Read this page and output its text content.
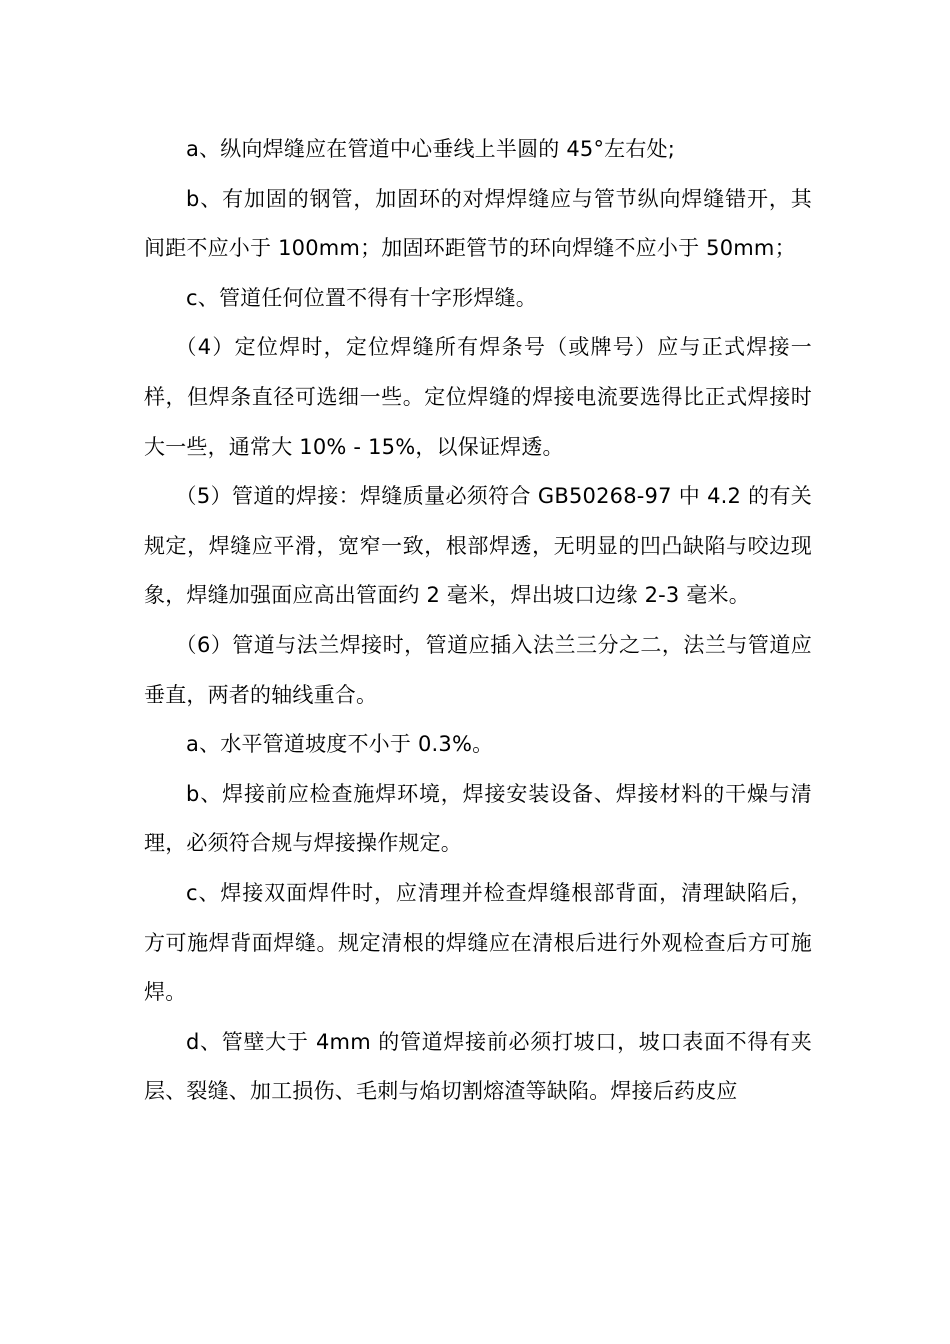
a、纵向焊缝应在管道中心垂线上半圆的 45°左右处;

b、有加固的钢管，加固环的对焊焊缝应与管节纵向焊缝错开，其间距不应小于 100mm；加固环距管节的环向焊缝不应小于 50mm；

c、管道任何位置不得有十字形焊缝。

（4）定位焊时，定位焊缝所有焊条号（或牌号）应与正式焊接一样，但焊条直径可选细一些。定位焊缝的焊接电流要选得比正式焊接时大一些，通常大 10% - 15%，以保证焊透。

（5）管道的焊接：焊缝质量必须符合 GB50268-97 中 4.2 的有关规定，焊缝应平滑，宽窄一致，根部焊透，无明显的凹凸缺陷与咬边现象，焊缝加强面应高出管面约 2 毫米，焊出坡口边缘 2-3 毫米。

（6）管道与法兰焊接时，管道应插入法兰三分之二，法兰与管道应垂直，两者的轴线重合。

a、水平管道坡度不小于 0.3%。

b、焊接前应检查施焊环境，焊接安装设备、焊接材料的干燥与清理，必须符合规与焊接操作规定。

c、焊接双面焊件时，应清理并检查焊缝根部背面，清理缺陷后，方可施焊背面焊缝。规定清根的焊缝应在清根后进行外观检查后方可施焊。

d、管壁大于 4mm 的管道焊接前必须打坡口，坡口表面不得有夹层、裂缝、加工损伤、毛刺与焰切割熔渣等缺陷。焊接后药皮应
